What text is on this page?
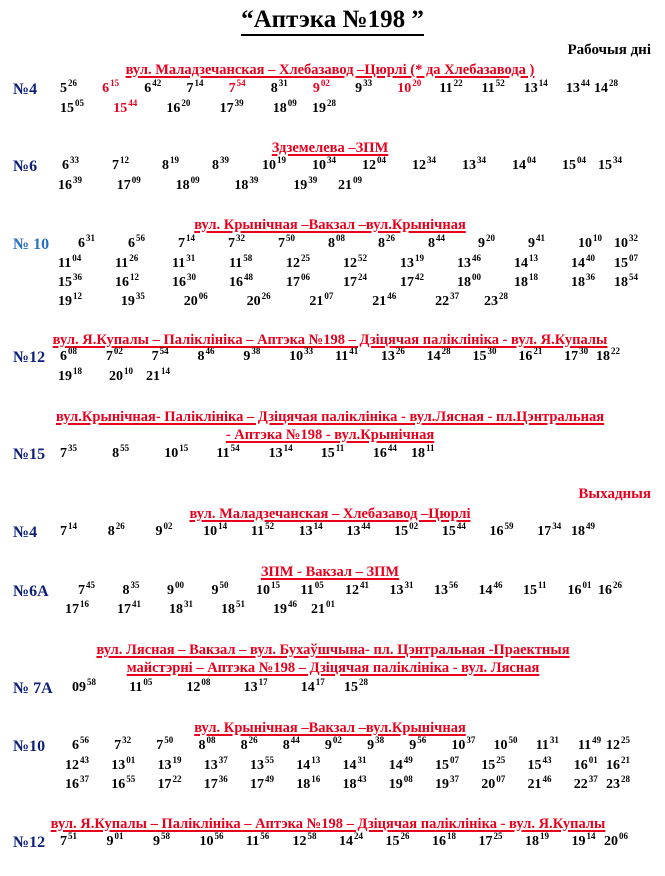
“Аптэка №198 ”
Рабочыя дні
Выхадныя
вул. Маладзечанская – Хлебазавод –Цюрлі (* да Хлебазавода )
№4 $5^{26}$ $6^{15}$ $6^{42}$ $7^{14}$ $7^{54}$ $8^{31}$ $9^{02}$ $9^{33}$ $10^{20}$ $11^{22}$ $11^{52}$ $13^{14}$ $13^{44}$ $14^{28}$
$15^{05}$ $15^{44}$ $16^{20}$ $17^{39}$ $18^{09}$ $19^{28}$
Здземелева –ЗПМ
№6 $6^{33}$ $7^{12}$ $8^{19}$ $8^{39}$ $10^{19}$ $10^{34}$ $12^{04}$ $12^{34}$ $13^{34}$ $14^{04}$ $15^{04}$ $15^{34}$
$16^{39}$ $17^{09}$ $18^{09}$ $18^{39}$ $19^{39}$ $21^{09}$
вул. Крынічная –Вакзал –вул.Крынічная
№ 10 $6^{31}$ $6^{56}$ $7^{14}$ $7^{32}$ $7^{50}$ $8^{08}$ $8^{26}$ $8^{44}$ $9^{20}$ $9^{41}$ $10^{10}$ $10^{32}$
$11^{04}$ $11^{26}$ $11^{31}$ $11^{58}$ $12^{25}$ $12^{52}$ $13^{19}$ $13^{46}$ $14^{13}$ $14^{40}$ $15^{07}$
$15^{36}$ $16^{12}$ $16^{30}$ $16^{48}$ $17^{06}$ $17^{24}$ $17^{42}$ $18^{00}$ $18^{18}$ $18^{36}$ $18^{54}$
$19^{12}$	$19^{35}$	$20^{06}$	$20^{26}$	$21^{07}$	$21^{46}$	$22^{37}$ $23^{28}$
вул. Я.Купалы – Паліклініка – Аптэка №198 – Дзіцячая паліклініка - вул. Я.Купалы
№12 $6^{08}$ $7^{02}$ $7^{54}$ $8^{46}$ $9^{38}$ $10^{33}$ $11^{41}$ $13^{26}$ $14^{28}$ $15^{30}$ $16^{21}$ $17^{30}$ $18^{22}$
$19^{18}$ $20^{10}$ $21^{14}$
вул.Крынічная- Паліклініка – Дзіцячая паліклініка - вул.Лясная - пл.Цэнтральная
- Аптэка №198 - вул.Крынічная
№15 $7^{35}$	$8^{55}$	$10^{15}$ $11^{54}$ $13^{14}$ $15^{11}$ $16^{44}$ $18^{11}$
вул. Маладзечанская – Хлебазавод –Цюрлі
№4 $7^{14}$ $8^{26}$ $9^{02}$ $10^{14}$ $11^{52}$ $13^{14}$ $13^{44}$ $15^{02}$ $15^{44}$ $16^{59}$ $17^{34}$ $18^{49}$
ЗПМ - Вакзал – ЗПМ
№6А $7^{45}$ $8^{35}$ $9^{00}$ $9^{50}$ $10^{15}$ $11^{05}$ $12^{41}$ $13^{31}$ $13^{56}$ $14^{46}$ $15^{11}$ $16^{01}$ $16^{26}$
$17^{16}$ $17^{41}$ $18^{31}$ $18^{51}$ $19^{46}$ $21^{01}$
вул. Лясная – Вакзал – вул. Бухаўшчына- пл. Цэнтральная -Праектныя
майстэрні – Аптэка №198 – Дзіцячая паліклініка - вул. Лясная
№ 7А $09^{58}$ $11^{05}$ $12^{08}$ $13^{17}$ $14^{17}$ $15^{28}$
вул. Крынічная –Вакзал –вул.Крынічная
№10 $6^{56}$ $7^{32}$ $7^{50}$ $8^{08}$ $8^{26}$ $8^{44}$ $9^{02}$ $9^{38}$ $9^{56}$ $10^{37}$ $10^{50}$ $11^{31}$ $11^{49}$ $12^{25}$
$12^{43}$ $13^{01}$ $13^{19}$ $13^{37}$ $13^{55}$ $14^{13}$ $14^{31}$ $14^{49}$ $15^{07}$ $15^{25}$ $15^{43}$ $16^{01}$ $16^{21}$
$16^{37}$ $16^{55}$ $17^{22}$ $17^{36}$ $17^{49}$ $18^{16}$ $18^{43}$ $19^{08}$ $19^{37}$ $20^{07}$ $21^{46}$ $22^{37}$ $23^{28}$
вул. Я.Купалы – Паліклініка – Аптэка №198 – Дзіцячая паліклініка - вул. Я.Купалы
№12 $7^{51}$ $9^{01}$ $9^{58}$ $10^{56}$ $11^{56}$ $12^{58}$ $14^{24}$ $15^{26}$ $16^{18}$ $17^{25}$ $18^{19}$ $19^{14}$ $20^{06}$
